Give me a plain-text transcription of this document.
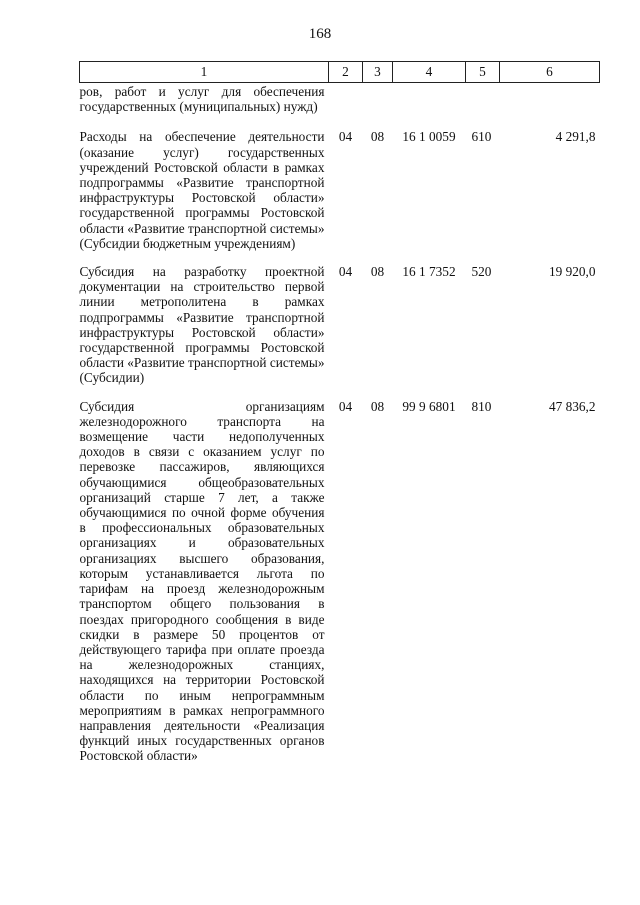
168
1	2	3	4	5	6
ров, работ и услуг для обеспечения государственных (муниципальных) нужд)					
Расходы на обеспечение деятельности (оказание услуг) государственных учреждений Ростовской области в рамках подпрограммы «Развитие транспортной инфраструктуры Ростовской области» государственной программы Ростовской области «Развитие транспортной системы» (Субсидии бюджетным учреждениям)	04	08	16 1 0059	610	4 291,8
Субсидия на разработку проектной документации на строительство первой линии метрополитена в рамках подпрограммы «Развитие транспортной инфраструктуры Ростовской области» государственной программы Ростовской области «Развитие транспортной системы» (Субсидии)	04	08	16 1 7352	520	19 920,0
Субсидия организациям железнодорожного транспорта на возмещение части недополученных доходов в связи с оказанием услуг по перевозке пассажиров, являющихся обучающимися общеобразовательных организаций старше 7 лет, а также обучающимися по очной форме обучения в профессиональных образовательных организациях и образовательных организациях высшего образования, которым устанавливается льгота по тарифам на проезд железнодорожным транспортом общего пользования в поездах пригородного сообщения в виде скидки в размере 50 процентов от действующего тарифа при оплате проезда на железнодорожных станциях, находящихся на территории Ростовской области по иным непрограммным мероприятиям в рамках непрограммного направления деятельности «Реализация функций иных государственных органов Ростовской области»	04	08	99 9 6801	810	47 836,2
